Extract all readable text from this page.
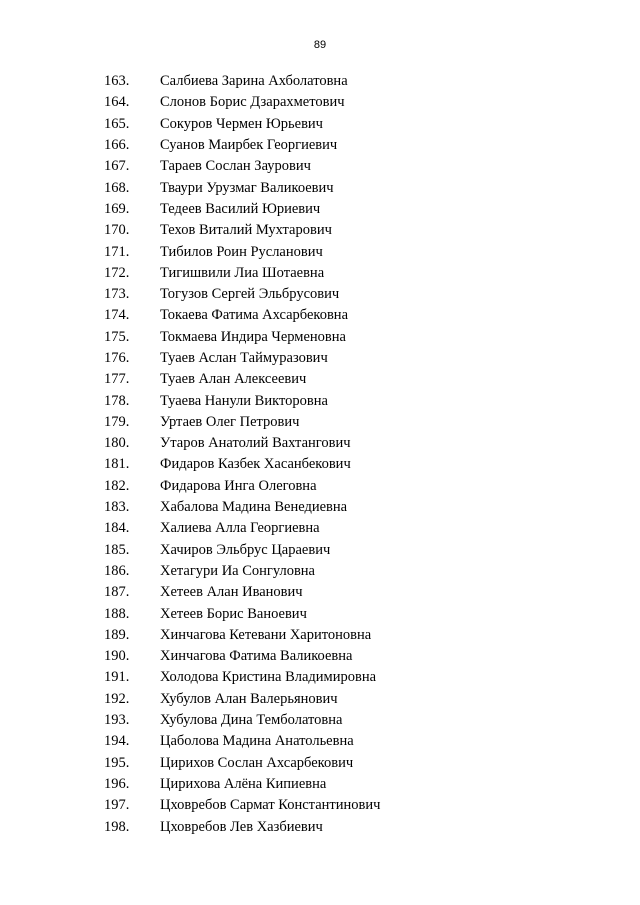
89
163.	Салбиева Зарина Ахболатовна
164.	Слонов Борис Дзарахметович
165.	Сокуров Чермен Юрьевич
166.	Суанов Маирбек Георгиевич
167.	Тараев Сослан Заурович
168.	Тваури Урузмаг Валикоевич
169.	Тедеев Василий Юриевич
170.	Техов Виталий Мухтарович
171.	Тибилов Роин Русланович
172.	Тигишвили Лиа Шотаевна
173.	Тогузов Сергей Эльбрусович
174.	Токаева Фатима Ахсарбековна
175.	Токмаева Индира Черменовна
176.	Туаев Аслан Таймуразович
177.	Туаев Алан Алексеевич
178.	Туаева Нанули Викторовна
179.	Уртаев Олег Петрович
180.	Утаров Анатолий Вахтангович
181.	Фидаров Казбек Хасанбекович
182.	Фидарова Инга Олеговна
183.	Хабалова Мадина Венедиевна
184.	Халиева Алла Георгиевна
185.	Хачиров Эльбрус Цараевич
186.	Хетагури Иа Сонгуловна
187.	Хетеев Алан Иванович
188.	Хетеев Борис Ваноевич
189.	Хинчагова Кетевани Харитоновна
190.	Хинчагова Фатима Валикоевна
191.	Холодова Кристина Владимировна
192.	Хубулов Алан Валерьянович
193.	Хубулова Дина Темболатовна
194.	Цаболова Мадина Анатольевна
195.	Цирихов Сослан Ахсарбекович
196.	Цирихова Алёна Кипиевна
197.	Цховребов Сармат Константинович
198.	Цховребов Лев Хазбиевич
